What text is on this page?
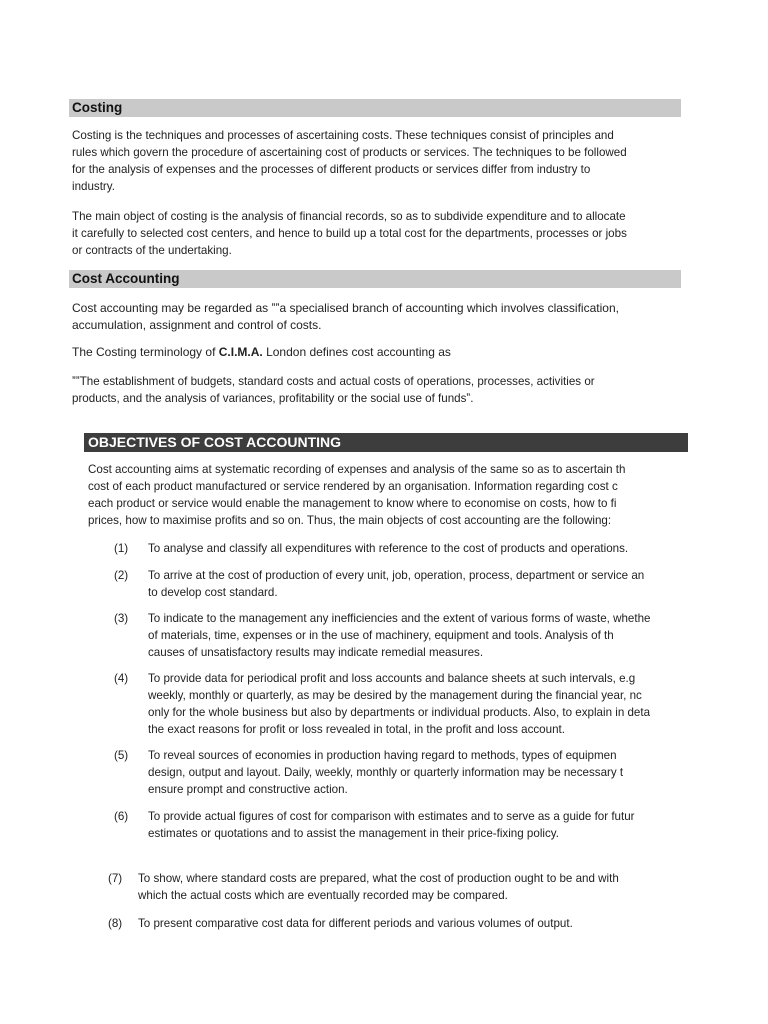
Costing
Costing is the techniques and processes of ascertaining costs. These techniques consist of principles and
rules which govern the procedure of ascertaining cost of products or services. The techniques to be followed
for the analysis of expenses and the processes of different products or services differ from industry to
industry.
The main object of costing is the analysis of financial records, so as to subdivide expenditure and to allocate
it carefully to selected cost centers, and hence to build up a total cost for the departments, processes or jobs
or contracts of the undertaking.
Cost Accounting
Cost accounting may be regarded as ˮˮa specialised branch of accounting which involves classification,
accumulation, assignment and control of costs.
The Costing terminology of C.I.M.A. London defines cost accounting as
ˮˮThe establishment of budgets, standard costs and actual costs of operations, processes, activities or
products, and the analysis of variances, profitability or the social use of fundsˮ.
OBJECTIVES OF COST ACCOUNTING
Cost accounting aims at systematic recording of expenses and analysis of the same so as to ascertain th
cost of each product manufactured or service rendered by an organisation. Information regarding cost c
each product or service would enable the management to know where to economise on costs, how to fi
prices, how to maximise profits and so on. Thus, the main objects of cost accounting are the following:
(1)	To analyse and classify all expenditures with reference to the cost of products and operations.
(2)	To arrive at the cost of production of every unit, job, operation, process, department or service an
to develop cost standard.
(3)	To indicate to the management any inefficiencies and the extent of various forms of waste, whethe
of materials, time, expenses or in the use of machinery, equipment and tools. Analysis of th
causes of unsatisfactory results may indicate remedial measures.
(4)	To provide data for periodical profit and loss accounts and balance sheets at such intervals, e.g
weekly, monthly or quarterly, as may be desired by the management during the financial year, nc
only for the whole business but also by departments or individual products. Also, to explain in deta
the exact reasons for profit or loss revealed in total, in the profit and loss account.
(5)	To reveal sources of economies in production having regard to methods, types of equipmen
design, output and layout. Daily, weekly, monthly or quarterly information may be necessary t
ensure prompt and constructive action.
(6)	To provide actual figures of cost for comparison with estimates and to serve as a guide for futur
estimates or quotations and to assist the management in their price-fixing policy.
(7)	To show, where standard costs are prepared, what the cost of production ought to be and with
which the actual costs which are eventually recorded may be compared.
(8)	To present comparative cost data for different periods and various volumes of output.
